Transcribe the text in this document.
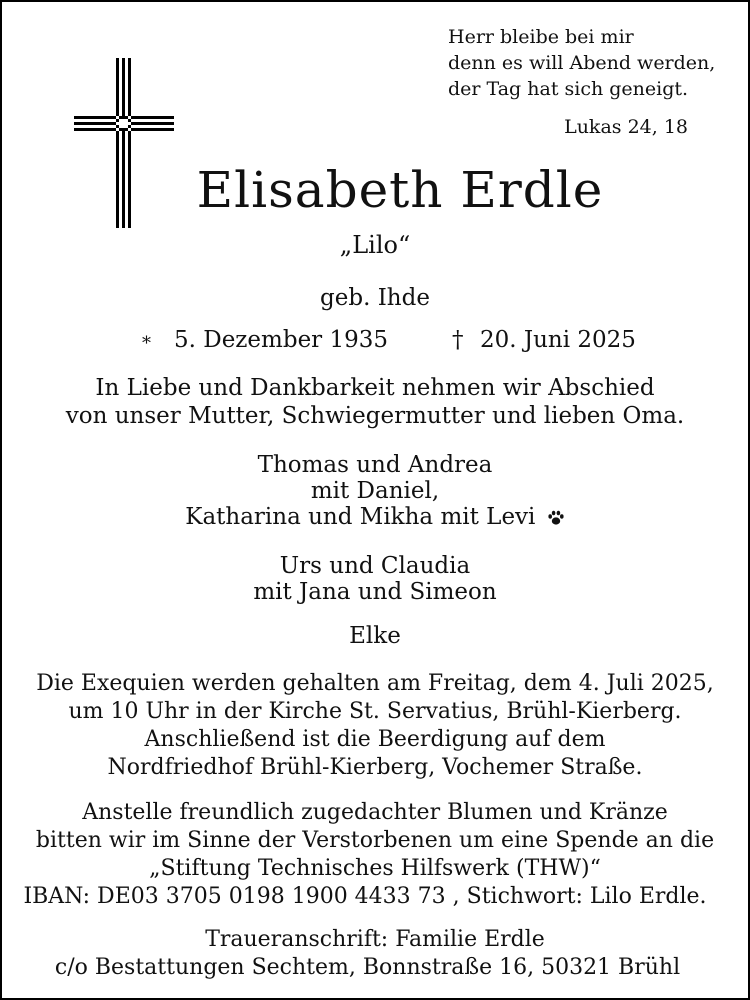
Herr bleibe bei mir
denn es will Abend werden,
der Tag hat sich geneigt.
Lukas 24, 18
Elisabeth Erdle
„Lilo“
geb. Ihde
* 5. Dezember 1935	† 20. Juni 2025
In Liebe und Dankbarkeit nehmen wir Abschied
von unser Mutter, Schwiegermutter und lieben Oma.
Thomas und Andrea
mit Daniel,
Katharina und Mikha mit Levi
Urs und Claudia
mit Jana und Simeon
Elke
Die Exequien werden gehalten am Freitag, dem 4. Juli 2025,
um 10 Uhr in der Kirche St. Servatius, Brühl-Kierberg.
Anschließend ist die Beerdigung auf dem
Nordfriedhof Brühl-Kierberg, Vochemer Straße.
Anstelle freundlich zugedachter Blumen und Kränze
bitten wir im Sinne der Verstorbenen um eine Spende an die
„Stiftung Technisches Hilfswerk (THW)“
IBAN: DE03 3705 0198 1900 4433 73 , Stichwort: Lilo Erdle.
Traueranschrift: Familie Erdle
c/o Bestattungen Sechtem, Bonnstraße 16, 50321 Brühl
